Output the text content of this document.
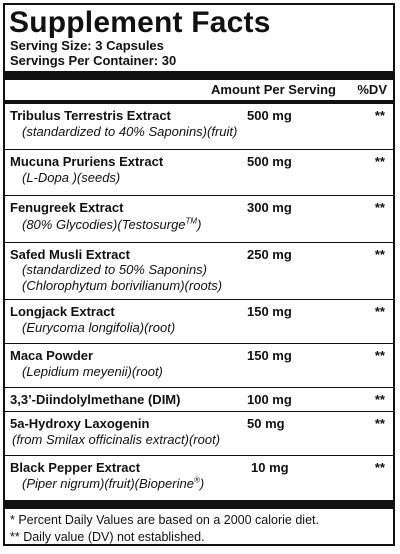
Supplement Facts
Serving Size: 3 Capsules
Servings Per Container: 30
Amount Per Serving %DV
Tribulus Terrestris Extract
(standardized to 40% Saponins)(fruit)
500 mg	**
Mucuna Pruriens Extract
(L-Dopa )(seeds)
500 mg	**
Fenugreek Extract
(80% Glycodies)(Testosurge™)
300 mg	**
Safed Musli Extract
(standardized to 50% Saponins)
(Chlorophytum borivilianum)(roots)
250 mg	**
Longjack Extract
(Eurycoma longifolia)(root)
150 mg	**
Maca Powder
(Lepidium meyenii)(root)
150 mg	**
3,3’-Diindolylmethane (DIM)	100 mg	**
5a-Hydroxy Laxogenin
(from Smilax officinalis extract)(root)
50 mg	**
Black Pepper Extract
(Piper nigrum)(fruit)(Bioperine®)
10 mg	**
* Percent Daily Values are based on a 2000 calorie diet.
** Daily value (DV) not established.
